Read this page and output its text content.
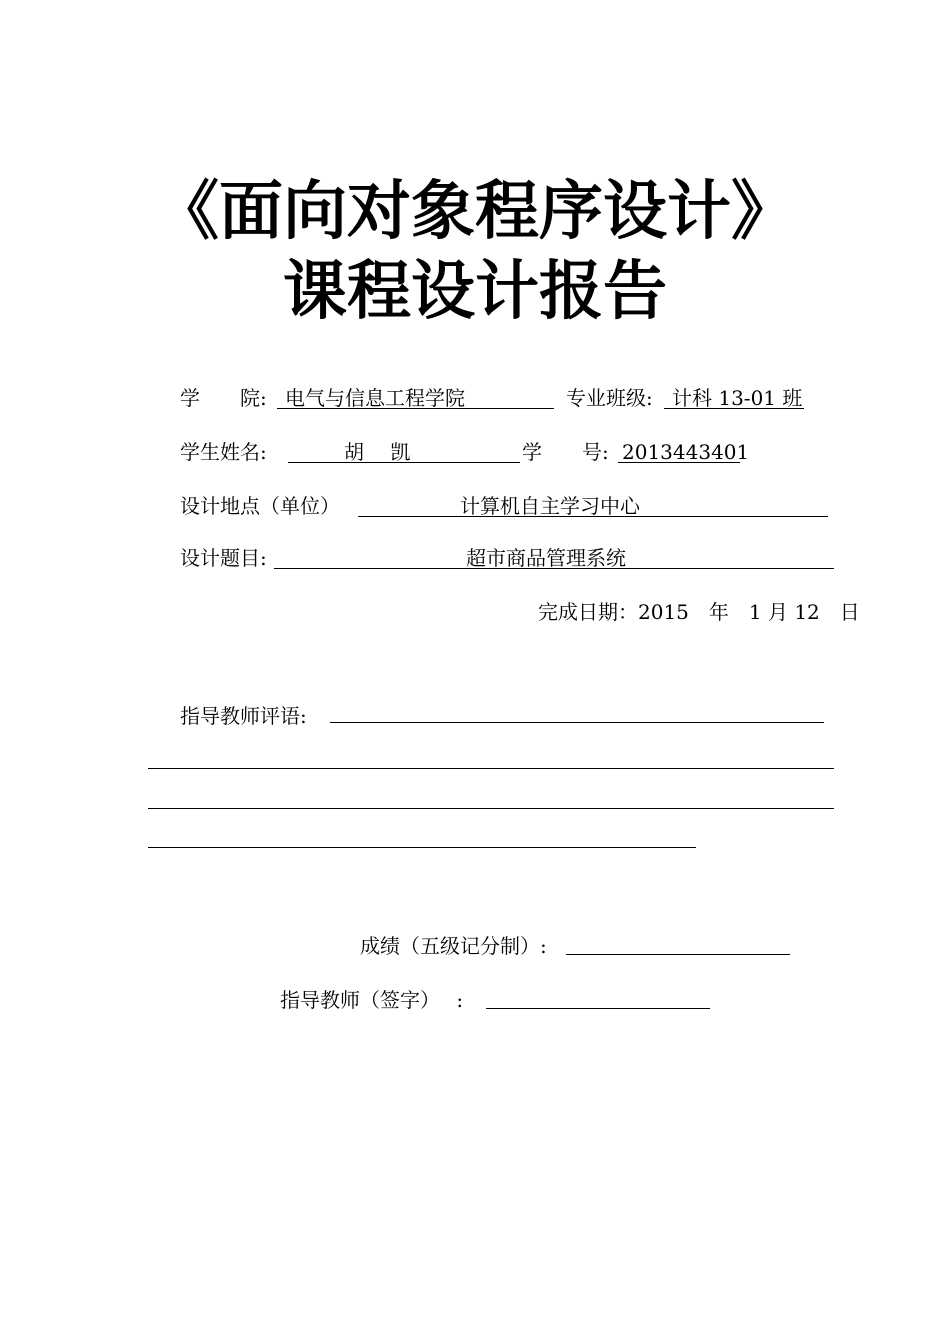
《面向对象程序设计》
课程设计报告
学　　院: 电气与信息工程学院	专业班级: 计科 13-01 班
学生姓名:	胡　 凯	学　　号: 2013443401
设计地点（单位）	计算机自主学习中心
设计题目:	超市商品管理系统
完成日期：2015　年　1 月 12　日
指导教师评语:
成绩（五级记分制）:
指导教师（签字）　 :
